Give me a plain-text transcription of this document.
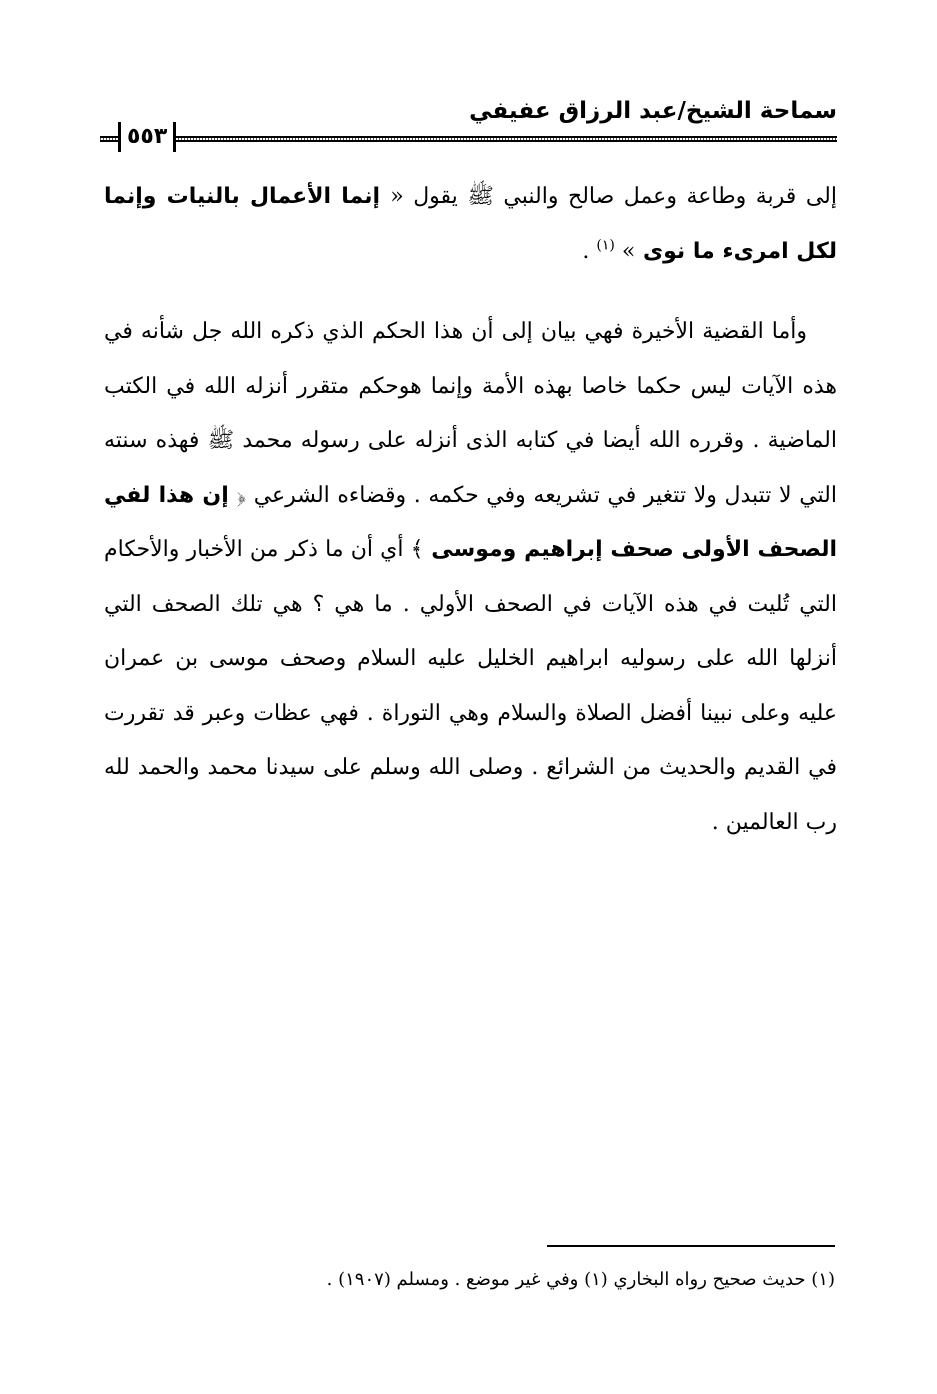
سماحة الشيخ/عبد الرزاق عفيفي
٥٥٣

إلى قربة وطاعة وعمل صالح والنبي ﷺ يقول « إنما الأعمال بالنيات وإنما لكل امرىء ما نوى » $^{(١)}$ .

وأما القضية الأخيرة فهي بيان إلى أن هذا الحكم الذي ذكره الله جل شأنه في هذه الآيات ليس حكما خاصا بهذه الأمة وإنما هوحكم متقرر أنزله الله في الكتب الماضية . وقرره الله أيضا في كتابه الذى أنزله على رسوله محمد ﷺ فهذه سنته التي لا تتبدل ولا تتغير في تشريعه وفي حكمه . وقضاءه الشرعي ﴿ إن هذا لفي الصحف الأولى صحف إبراهيم وموسى ﴾ أي أن ما ذكر من الأخبار والأحكام التي تُليت في هذه الآيات في الصحف الأولي . ما هي ؟ هي تلك الصحف التي أنزلها الله على رسوليه ابراهيم الخليل عليه السلام وصحف موسى بن عمران عليه وعلى نبينا أفضل الصلاة والسلام وهي التوراة . فهي عظات وعبر قد تقررت في القديم والحديث من الشرائع . وصلى الله وسلم على سيدنا محمد والحمد لله رب العالمين .

(١) حديث صحيح رواه البخاري (١) وفي غير موضع . ومسلم (١٩٠٧) .
